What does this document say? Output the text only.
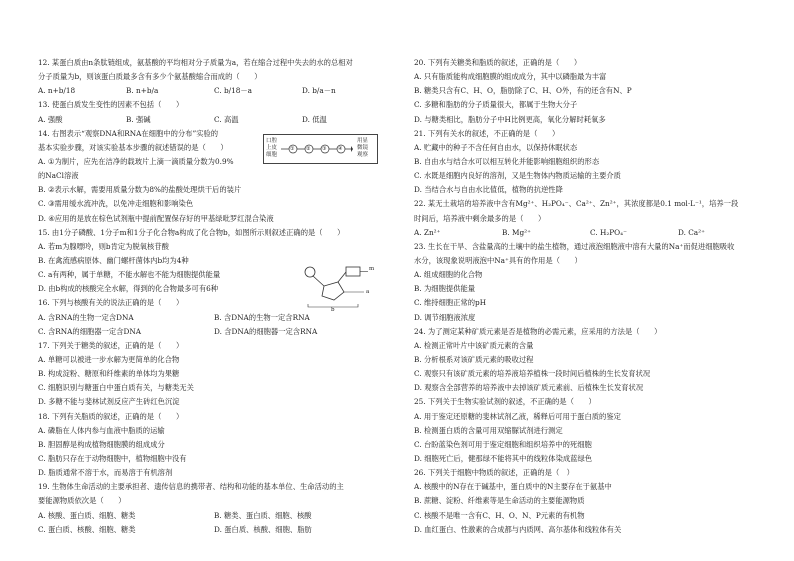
12. 某蛋白质由n条肽链组成，氨基酸的平均相对分子质量为a，若在缩合过程中失去的水的总相对
分子质量为b，则该蛋白质最多含有多少个氨基酸缩合而成的（　　）
A. n+b/18	B. n+b/a	C. b/18－a	D. b/a－n
13. 使蛋白质发生变性的因素不包括（　　）
A. 强酸	B. 强碱	C. 高温	D. 低温
14. 右图表示“观察DNA和RNA在细胞中的分布”实验的
基本实验步骤，对该实验基本步骤的叙述错误的是（　　）
A. ①为制片，应先在洁净的载玻片上滴一滴质量分数为0.9%
的NaCl溶液
B. ②表示水解，需要用质量分数为8%的盐酸处理烘干后的装片
C. ③需用缓水流冲洗，以免冲走细胞和影响染色
D. ④应用的是放在棕色试剂瓶中提前配置保存好的甲基绿吡罗红混合染液
15. 由1分子磷酸、1分子m和1分子化合物a构成了化合物b，如图所示则叙述正确的是（　　）
A. 若m为腺嘌呤，则b肯定为脱氧核苷酸
B. 在禽流感病原体、幽门螺杆菌体内b均为4种
C. a有两种，属于单糖，不能水解也不能为细胞提供能量
D. 由b构成的核酸完全水解，得到的化合物最多可有6种
16. 下列与核酸有关的说法正确的是（　　）
A. 含RNA的生物一定含DNA	B. 含DNA的生物一定含RNA
C. 含RNA的细胞器一定含DNA	D. 含DNA的细胞器一定含RNA
17. 下列关于糖类的叙述，正确的是（　　）
A. 单糖可以被进一步水解为更简单的化合物
B. 构成淀粉、糖原和纤维素的单体均为果糖
C. 细胞识别与糖蛋白中蛋白质有关，与糖类无关
D. 多糖不能与斐林试剂反应产生砖红色沉淀
18. 下列有关脂质的叙述，正确的是（　　）
A. 磷脂在人体内参与血液中脂质的运输
B. 胆固醇是构成植物细胞膜的组成成分
C. 脂肪只存在于动物细胞中，植物细胞中没有
D. 脂质通常不溶于水，而易溶于有机溶剂
19. 生物体生命活动的主要承担者、遗传信息的携带者、结构和功能的基本单位、生命活动的主
要能源物质依次是（　　）
A. 核酸、蛋白质、细胞、糖类	B. 糖类、蛋白质、细胞、核酸
C. 蛋白质、核酸、细胞、糖类	D. 蛋白质、核酸、细胞、脂肪
口腔
上皮
细胞
① ② ③ ④
用显
微镜
观察
m
a
b
20. 下列有关糖类和脂质的叙述，正确的是（　　）
A. 只有脂质能构成细胞膜的组成成分，其中以磷脂最为丰富
B. 糖类只含有C、H、O，脂肪除了C、H、O外，有的还含有N、P
C. 多糖和脂肪的分子质量很大，都属于生物大分子
D. 与糖类相比，脂肪分子中H比例更高，氧化分解时耗氧多
21. 下列有关水的叙述，不正确的是（　　）
A. 贮藏中的种子不含任何自由水，以保持休眠状态
B. 自由水与结合水可以相互转化并能影响细胞组织的形态
C. 水既是细胞内良好的溶剂，又是生物体内物质运输的主要介质
D. 当结合水与自由水比值低，植物的抗逆性降
22. 某无土栽培的培养液中含有Mg²⁺、H₂PO₄⁻、Ca²⁺、Zn²⁺，其浓度都是0.1 mol·L⁻¹，培养一段
时间后，培养液中剩余最多的是（　　）
A. Zn²⁺	B. Mg²⁺	C. H₂PO₄⁻	D. Ca²⁺
23. 生长在干旱、含盐量高的土壤中的盐生植物，通过液泡细胞液中溶有大量的Na⁺而促进细胞吸收
水分，该现象说明液泡中Na⁺具有的作用是（　　）
A. 组成细胞的化合物
B. 为细胞提供能量
C. 维持细胞正常的pH
D. 调节细胞液浓度
24. 为了测定某种矿质元素是否是植物的必需元素，应采用的方法是（　　）
A. 检测正常叶片中该矿质元素的含量
B. 分析根系对该矿质元素的吸收过程
C. 观察只有该矿质元素的培养液培养植株一段时间后植株的生长发育状况
D. 观察含全部营养的培养液中去掉该矿质元素前、后植株生长发育状况
25. 下列关于生物实验试剂的叙述，不正确的是（　　）
A. 用于鉴定还原糖的斐林试剂乙液，稀释后可用于蛋白质的鉴定
B. 检测蛋白质的含量可用双缩脲试剂进行测定
C. 台盼蓝染色剂可用于鉴定细胞和组织培养中的死细胞
D. 细胞死亡后，健那绿不能将其中的线粒体染成蓝绿色
26. 下列关于细胞中物质的叙述，正确的是（　）
A. 核酸中的N存在于碱基中，蛋白质中的N主要存在于氨基中
B. 蔗糖、淀粉、纤维素等是生命活动的主要能源物质
C. 核酸不是唯一含有C、H、O、N、P元素的有机物
D. 血红蛋白、性激素的合成都与内质网、高尔基体和线粒体有关
